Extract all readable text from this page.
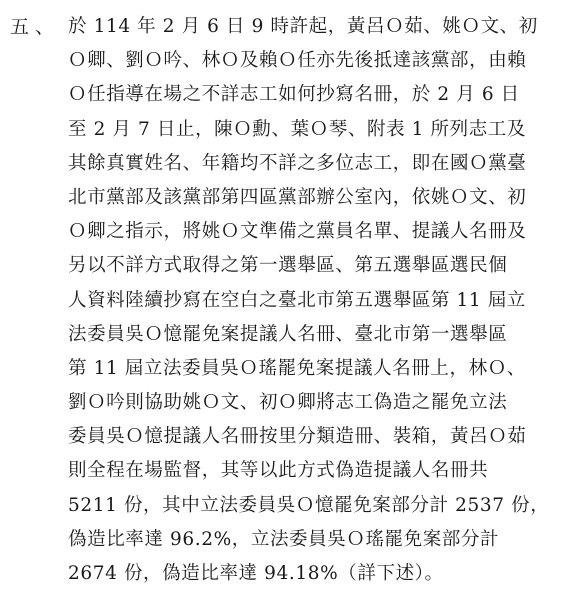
五、 於 114 年 2 月 6 日 9 時許起，黃呂Ｏ茹、姚Ｏ文、初
Ｏ卿、劉Ｏ吟、林Ｏ及賴Ｏ任亦先後抵達該黨部，由賴
Ｏ任指導在場之不詳志工如何抄寫名冊，於 2 月 6 日
至 2 月 7 日止，陳Ｏ勳、葉Ｏ琴、附表 1 所列志工及
其餘真實姓名、年籍均不詳之多位志工，即在國Ｏ黨臺
北市黨部及該黨部第四區黨部辦公室內，依姚Ｏ文、初
Ｏ卿之指示，將姚Ｏ文準備之黨員名單、提議人名冊及
另以不詳方式取得之第一選舉區、第五選舉區選民個
人資料陸續抄寫在空白之臺北市第五選舉區第 11 屆立
法委員吳Ｏ憶罷免案提議人名冊、臺北市第一選舉區
第 11 屆立法委員吳Ｏ瑤罷免案提議人名冊上，林Ｏ、
劉Ｏ吟則協助姚Ｏ文、初Ｏ卿將志工偽造之罷免立法
委員吳Ｏ憶提議人名冊按里分類造冊、裝箱，黃呂Ｏ茹
則全程在場監督，其等以此方式偽造提議人名冊共
5211 份，其中立法委員吳Ｏ憶罷免案部分計 2537 份，
偽造比率達 96.2%，立法委員吳Ｏ瑤罷免案部分計
2674 份，偽造比率達 94.18%（詳下述）。
